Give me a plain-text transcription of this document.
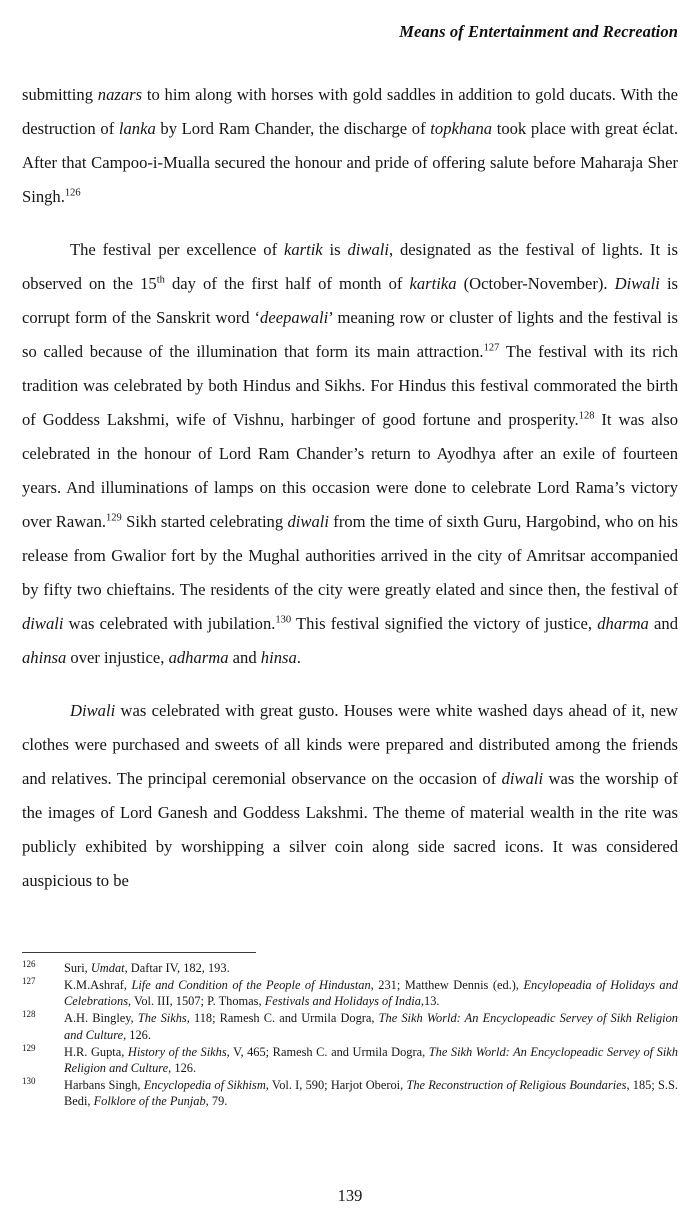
Means of Entertainment and Recreation

submitting nazars to him along with horses with gold saddles in addition to gold ducats. With the destruction of lanka by Lord Ram Chander, the discharge of topkhana took place with great éclat. After that Campoo-i-Mualla secured the honour and pride of offering salute before Maharaja Sher Singh.$^{126}$

The festival per excellence of kartik is diwali, designated as the festival of lights. It is observed on the 15th day of the first half of month of kartika (October-November). Diwali is corrupt form of the Sanskrit word ‘deepawali’ meaning row or cluster of lights and the festival is so called because of the illumination that form its main attraction.$^{127}$ The festival with its rich tradition was celebrated by both Hindus and Sikhs. For Hindus this festival commorated the birth of Goddess Lakshmi, wife of Vishnu, harbinger of good fortune and prosperity.$^{128}$ It was also celebrated in the honour of Lord Ram Chander’s return to Ayodhya after an exile of fourteen years. And illuminations of lamps on this occasion were done to celebrate Lord Rama’s victory over Rawan.$^{129}$ Sikh started celebrating diwali from the time of sixth Guru, Hargobind, who on his release from Gwalior fort by the Mughal authorities arrived in the city of Amritsar accompanied by fifty two chieftains. The residents of the city were greatly elated and since then, the festival of diwali was celebrated with jubilation.$^{130}$ This festival signified the victory of justice, dharma and ahinsa over injustice, adharma and hinsa.

Diwali was celebrated with great gusto. Houses were white washed days ahead of it, new clothes were purchased and sweets of all kinds were prepared and distributed among the friends and relatives. The principal ceremonial observance on the occasion of diwali was the worship of the images of Lord Ganesh and Goddess Lakshmi. The theme of material wealth in the rite was publicly exhibited by worshipping a silver coin along side sacred icons. It was considered auspicious to be

126	Suri, Umdat, Daftar IV, 182, 193.
127	K.M.Ashraf, Life and Condition of the People of Hindustan, 231; Matthew Dennis (ed.), Encylopeadia of Holidays and Celebrations, Vol. III, 1507; P. Thomas, Festivals and Holidays of India,13.
128	A.H. Bingley, The Sikhs, 118; Ramesh C. and Urmila Dogra, The Sikh World: An Encyclopeadic Servey of Sikh Religion and Culture, 126.
129	H.R. Gupta, History of the Sikhs, V, 465; Ramesh C. and Urmila Dogra, The Sikh World: An Encyclopeadic Servey of Sikh Religion and Culture, 126.
130	Harbans Singh, Encyclopedia of Sikhism, Vol. I, 590; Harjot Oberoi, The Reconstruction of Religious Boundaries, 185; S.S. Bedi, Folklore of the Punjab, 79.
139
